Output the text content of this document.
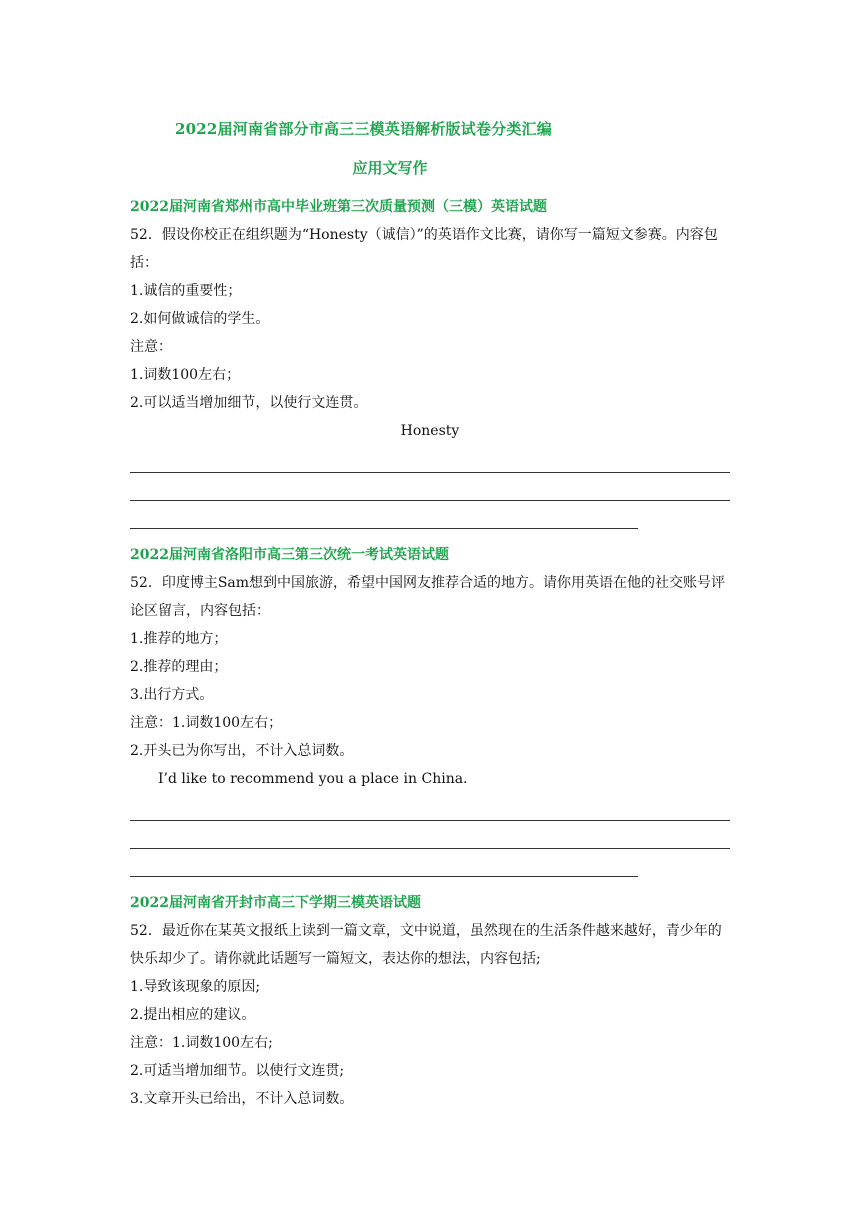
2022届河南省部分市高三三模英语解析版试卷分类汇编
应用文写作
2022届河南省郑州市高中毕业班第三次质量预测（三模）英语试题
52．假设你校正在组织题为“Honesty（诚信）”的英语作文比赛，请你写一篇短文参赛。内容包括：
1.诚信的重要性；
2.如何做诚信的学生。
注意：
1.词数100左右；
2.可以适当增加细节，以使行文连贯。
Honesty
2022届河南省洛阳市高三第三次统一考试英语试题
52．印度博主Sam想到中国旅游，希望中国网友推荐合适的地方。请你用英语在他的社交账号评论区留言，内容包括：
1.推荐的地方；
2.推荐的理由；
3.出行方式。
注意：1.词数100左右；
2.开头已为你写出，不计入总词数。
I’d like to recommend you a place in China.
2022届河南省开封市高三下学期三模英语试题
52．最近你在某英文报纸上读到一篇文章，文中说道，虽然现在的生活条件越来越好，青少年的快乐却少了。请你就此话题写一篇短文，表达你的想法，内容包括;
1.导致该现象的原因;
2.提出相应的建议。
注意：1.词数100左右;
2.可适当增加细节。以使行文连贯;
3.文章开头已给出，不计入总词数。
